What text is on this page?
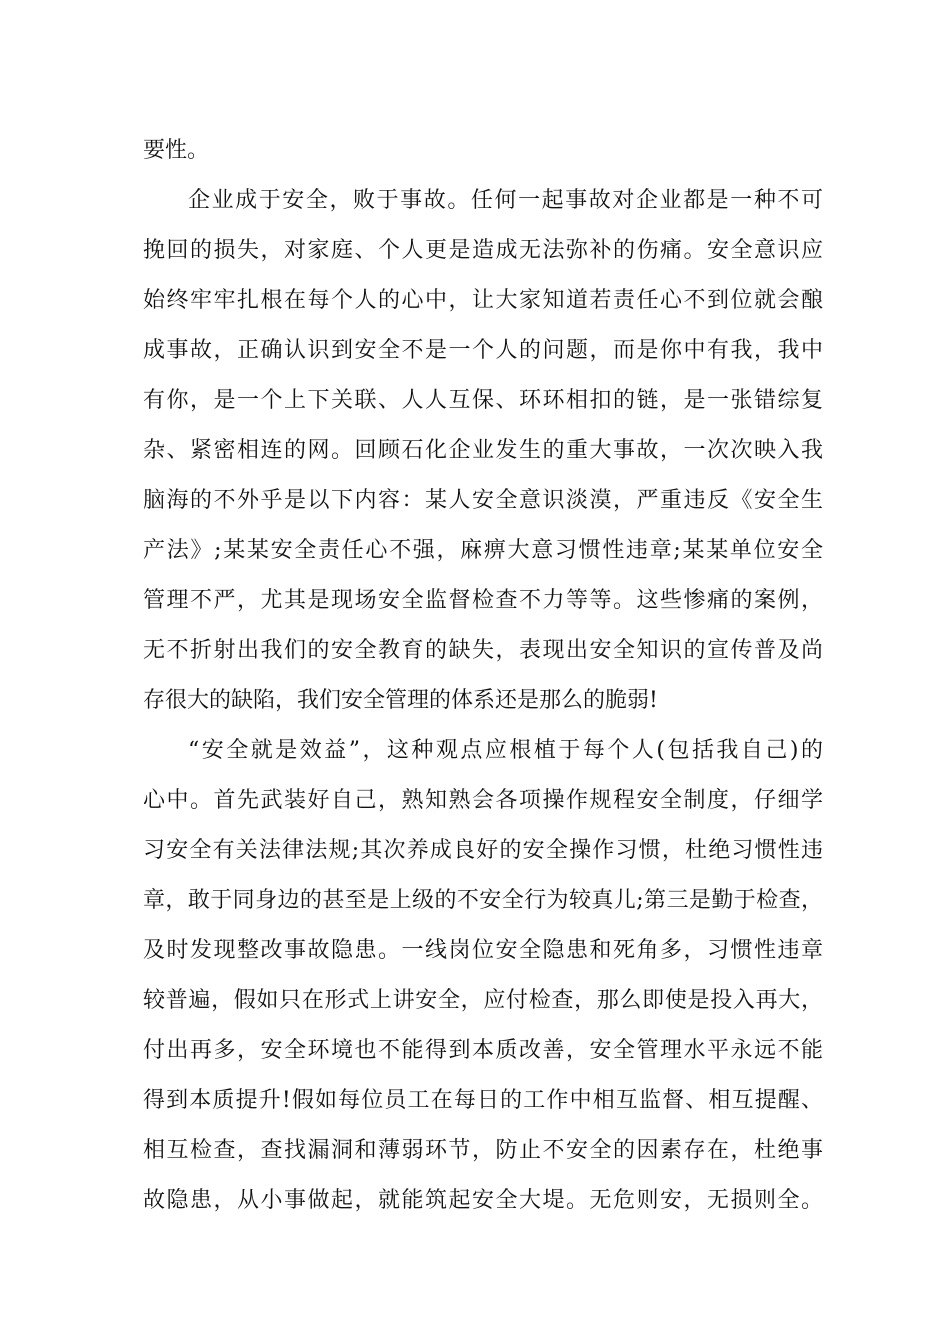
要性。
企业成于安全，败于事故。任何一起事故对企业都是一种不可
挽回的损失，对家庭、个人更是造成无法弥补的伤痛。安全意识应
始终牢牢扎根在每个人的心中，让大家知道若责任心不到位就会酿
成事故，正确认识到安全不是一个人的问题，而是你中有我，我中
有你，是一个上下关联、人人互保、环环相扣的链，是一张错综复
杂、紧密相连的网。回顾石化企业发生的重大事故，一次次映入我
脑海的不外乎是以下内容：某人安全意识淡漠，严重违反《安全生
产法》;某某安全责任心不强，麻痹大意习惯性违章;某某单位安全
管理不严，尤其是现场安全监督检查不力等等。这些惨痛的案例，
无不折射出我们的安全教育的缺失，表现出安全知识的宣传普及尚
存很大的缺陷，我们安全管理的体系还是那么的脆弱!
“安全就是效益”，这种观点应根植于每个人(包括我自己)的
心中。首先武装好自己，熟知熟会各项操作规程安全制度，仔细学
习安全有关法律法规;其次养成良好的安全操作习惯，杜绝习惯性违
章，敢于同身边的甚至是上级的不安全行为较真儿;第三是勤于检查，
及时发现整改事故隐患。一线岗位安全隐患和死角多，习惯性违章
较普遍，假如只在形式上讲安全，应付检查，那么即使是投入再大，
付出再多，安全环境也不能得到本质改善，安全管理水平永远不能
得到本质提升!假如每位员工在每日的工作中相互监督、相互提醒、
相互检查，查找漏洞和薄弱环节，防止不安全的因素存在，杜绝事
故隐患，从小事做起，就能筑起安全大堤。无危则安，无损则全。
